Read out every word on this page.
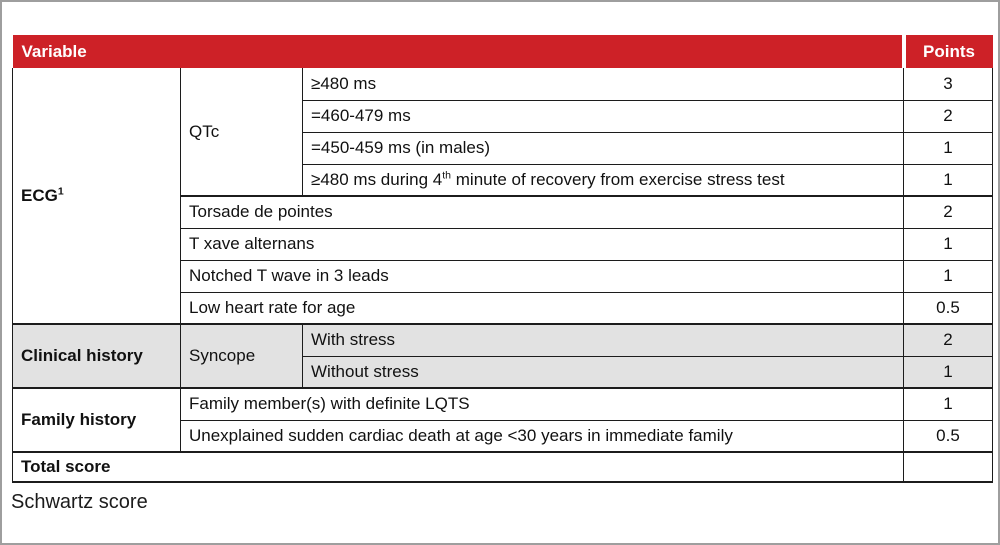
Variable			Points
ECG$^1$	QTc	≥480 ms	3
		=460-479 ms	2
		=450-459 ms (in males)	1
		≥480 ms during 4th minute of recovery from exercise stress test	1
	Torsade de pointes		2
	T xave alternans		1
	Notched T wave in 3 leads		1
	Low heart rate for age		0.5
Clinical history	Syncope	With stress	2
		Without stress	1
Family history	Family member(s) with definite LQTS		1
	Unexplained sudden cardiac death at age <30 years in immediate family		0.5
Total score			
Schwartz score
